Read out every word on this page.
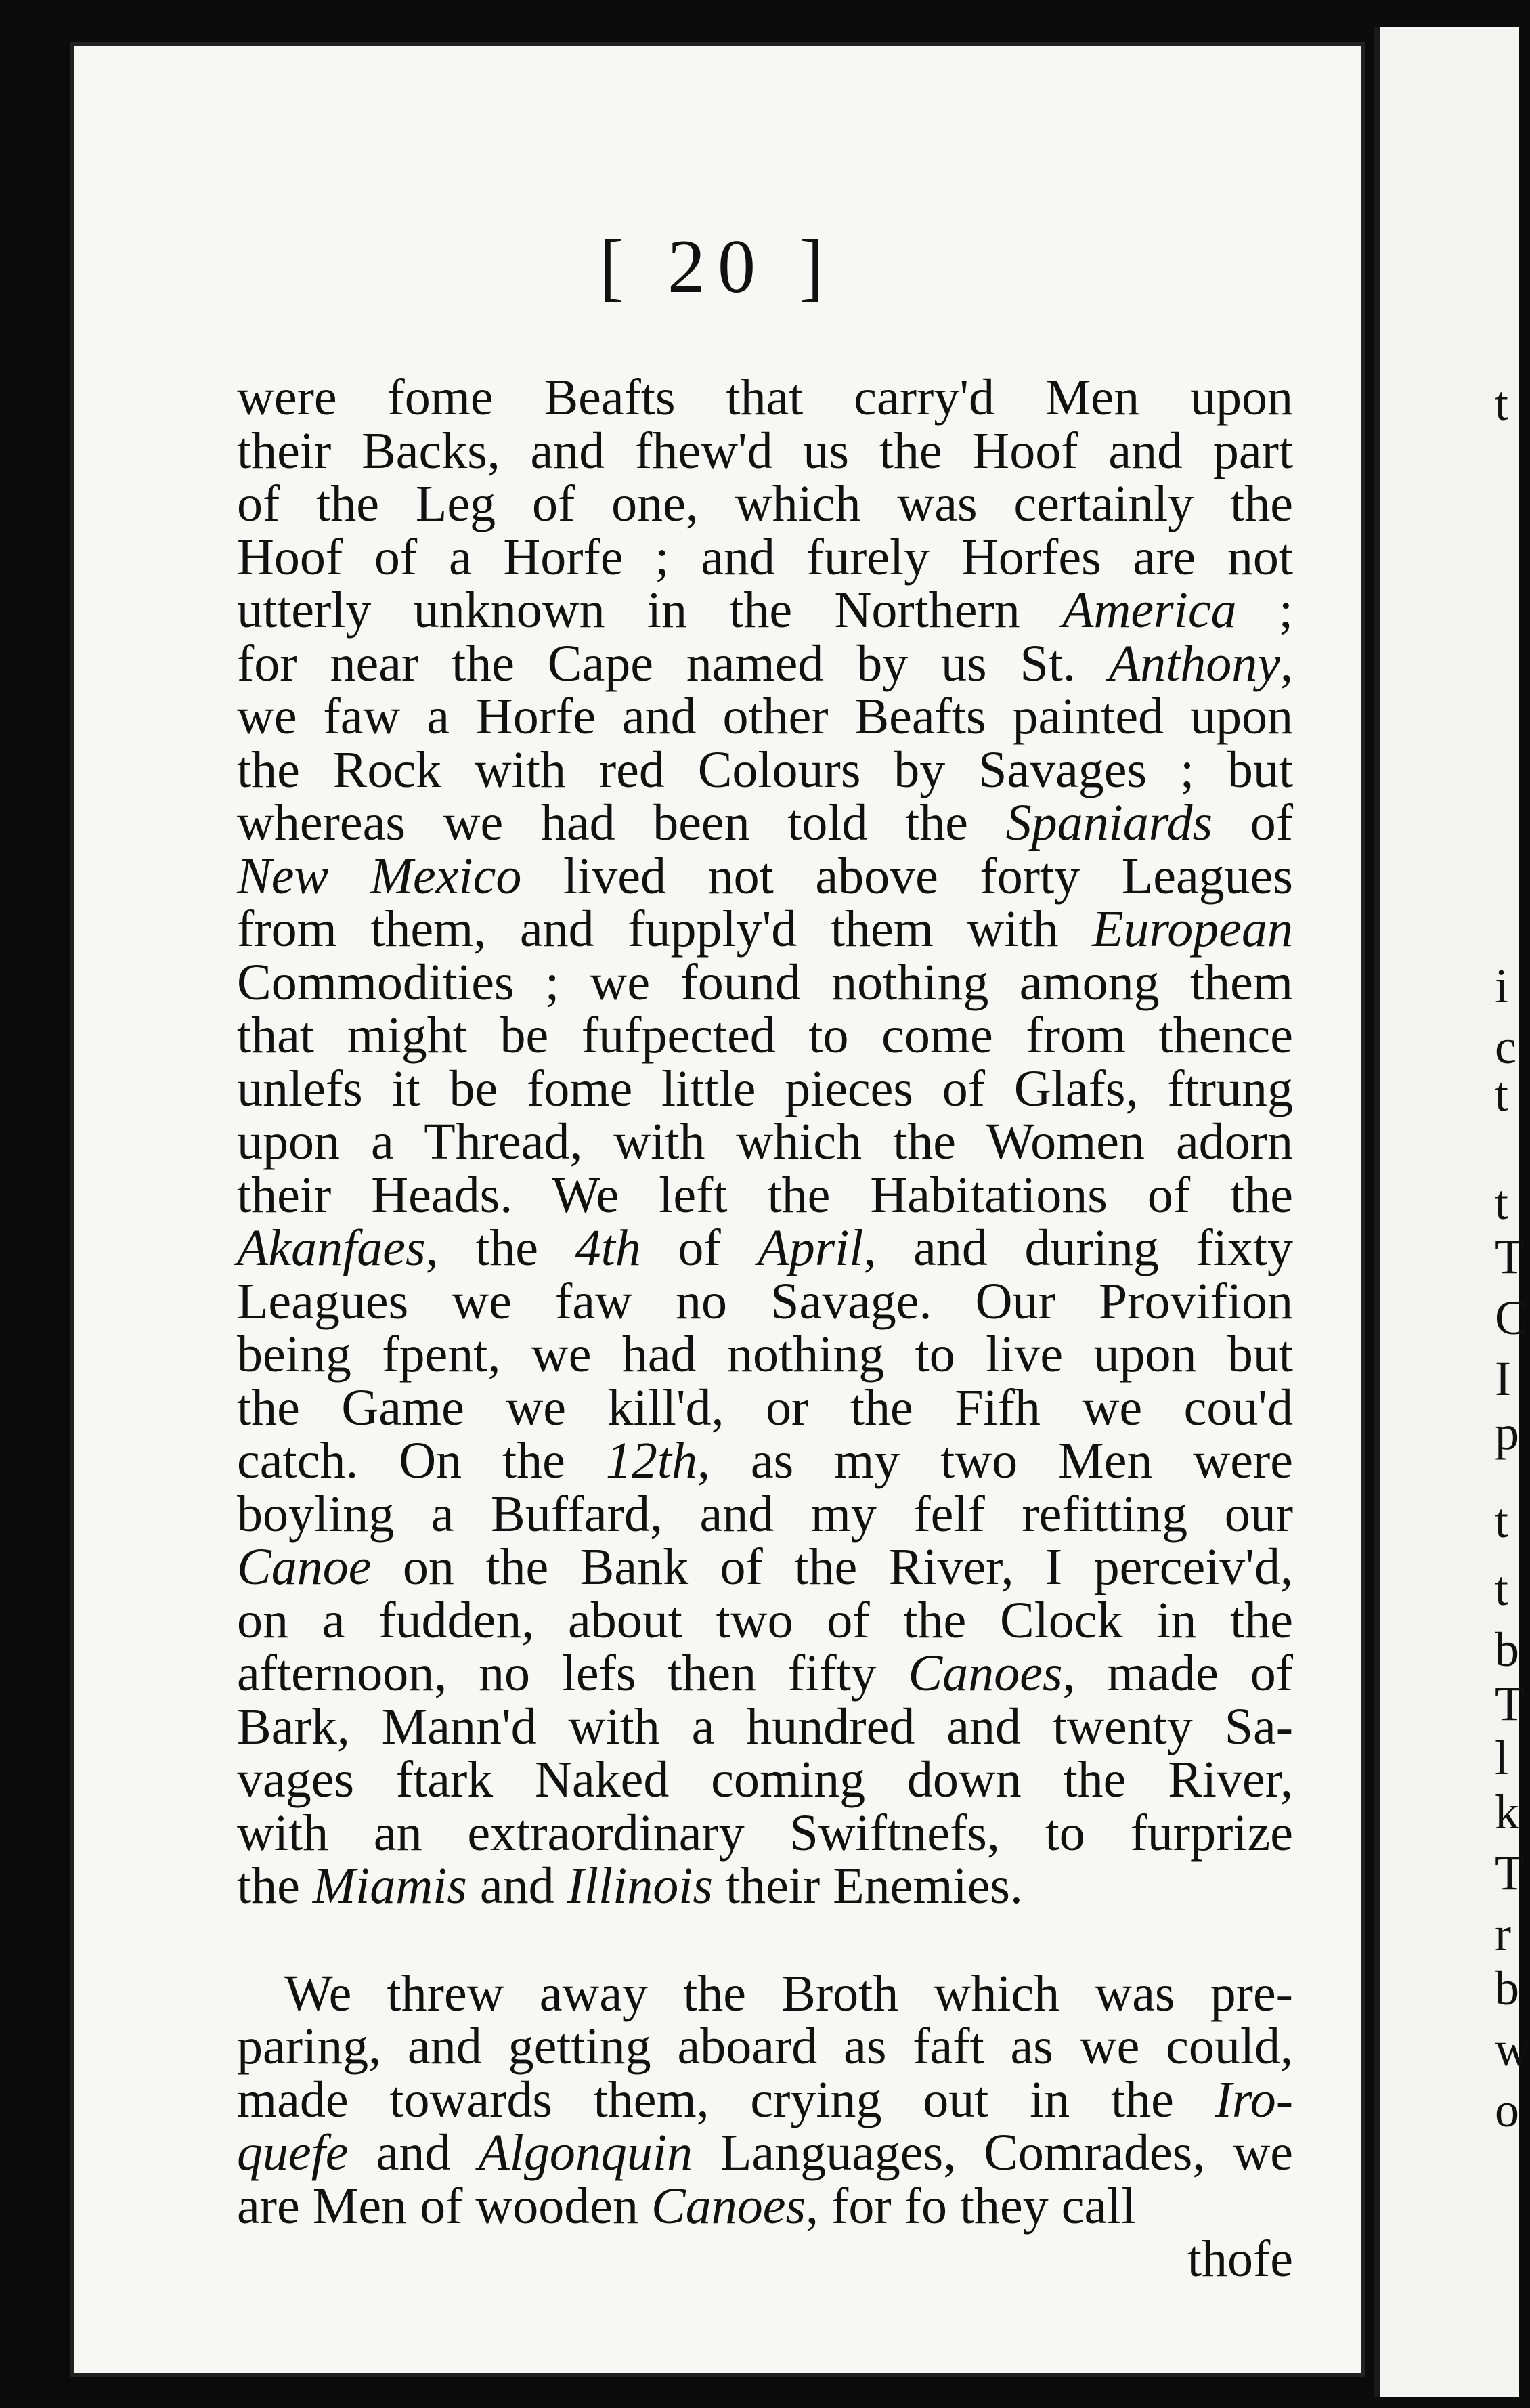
[ 20 ]
were fome Beafts that carry'd Men upon
their Backs, and fhew'd us the Hoof and part
of the Leg of one, which was certainly the
Hoof of a Horfe ; and furely Horfes are not
utterly unknown in the Northern America ;
for near the Cape named by us St. Anthony,
we faw a Horfe and other Beafts painted upon
the Rock with red Colours by Savages ; but
whereas we had been told the Spaniards of
New Mexico lived not above forty Leagues
from them, and fupply'd them with European
Commodities ; we found nothing among them
that might be fufpected to come from thence
unlefs it be fome little pieces of Glafs, ftrung
upon a Thread, with which the Women adorn
their Heads. We left the Habitations of the
Akanfaes, the 4th of April, and during fixty
Leagues we faw no Savage. Our Provifion
being fpent, we had nothing to live upon but
the Game we kill'd, or the Fifh we cou'd
catch. On the 12th, as my two Men were
boyling a Buffard, and my felf refitting our
Canoe on the Bank of the River, I perceiv'd,
on a fudden, about two of the Clock in the
afternoon, no lefs then fifty Canoes, made of
Bark, Mann'd with a hundred and twenty Sa-
vages ftark Naked coming down the River,
with an extraordinary Swiftnefs, to furprize
the Miamis and Illinois their Enemies.
We threw away the Broth which was pre-
paring, and getting aboard as faft as we could,
made towards them, crying out in the Iro-
quefe and Algonquin Languages, Comrades, we
are Men of wooden Canoes, for fo they call
thofe
t
i
c
t
t
T
C
I
p
t
t
b
T
l
k
T
r
b
w
o
